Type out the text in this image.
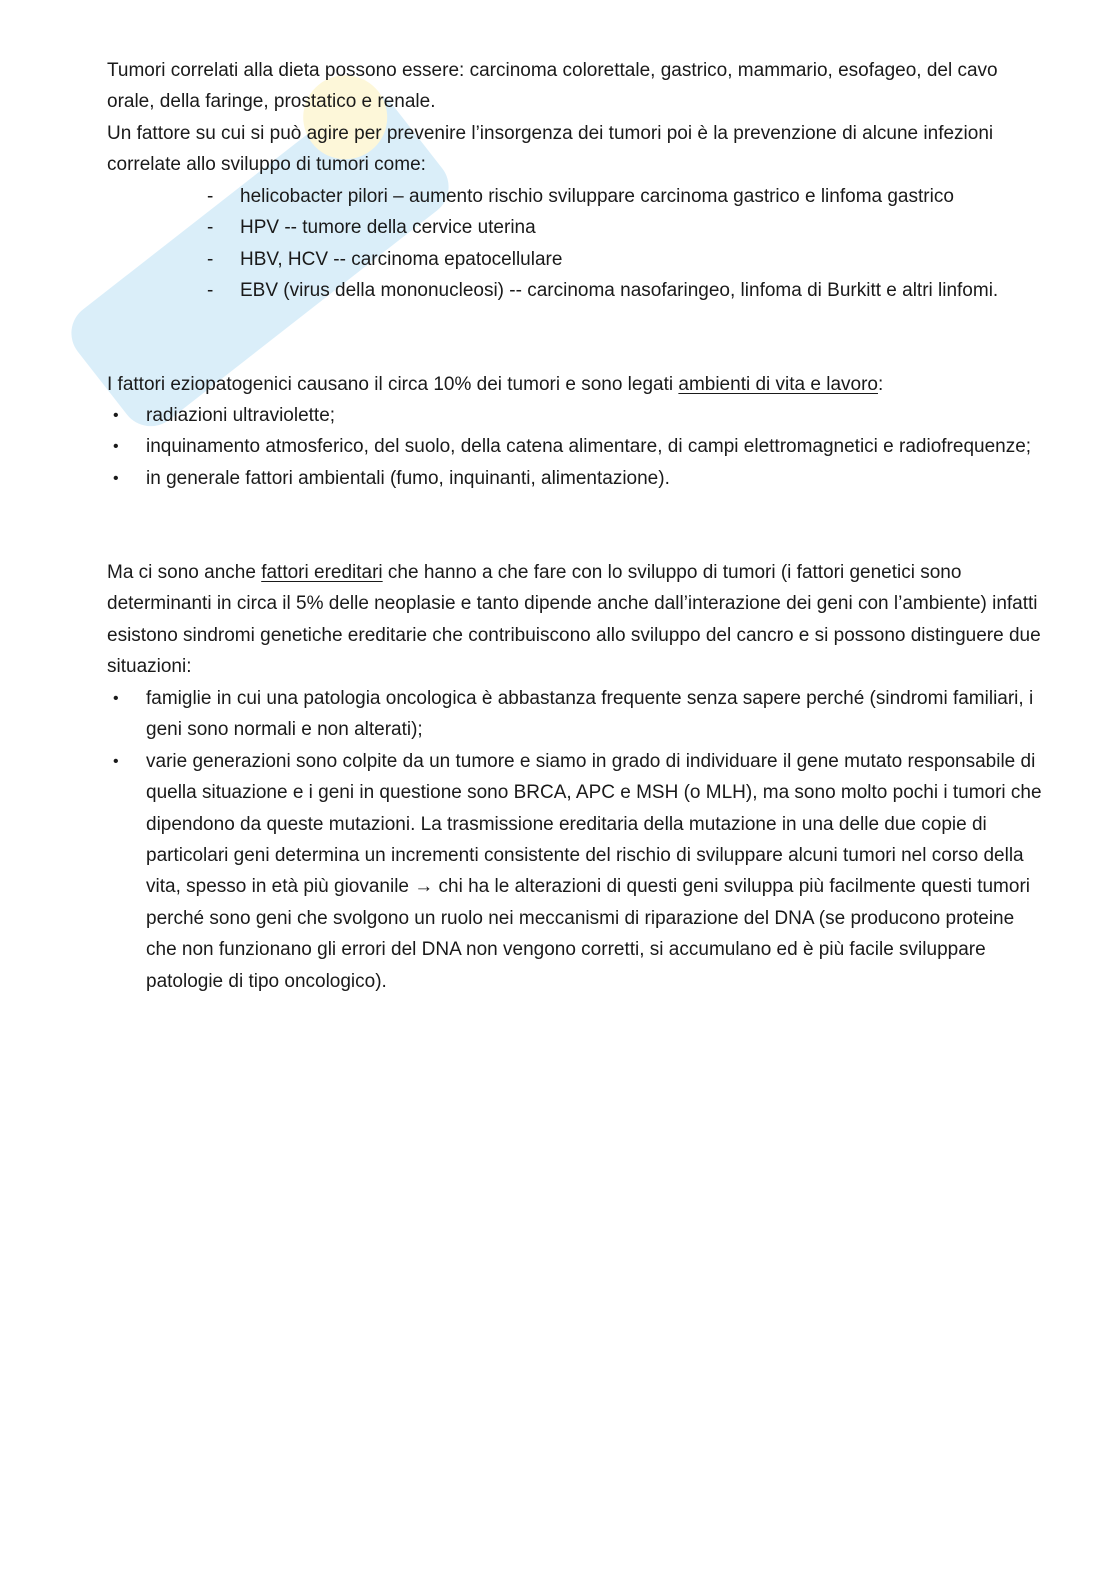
Tumori correlati alla dieta possono essere: carcinoma colorettale, gastrico, mammario, esofageo, del cavo orale, della faringe, prostatico e renale.

Un fattore su cui si può agire per prevenire l’insorgenza dei tumori poi è la prevenzione di alcune infezioni correlate allo sviluppo di tumori come:

- helicobacter pilori – aumento rischio sviluppare carcinoma gastrico e linfoma gastrico
- HPV -- tumore della cervice uterina
- HBV, HCV -- carcinoma epatocellulare
- EBV (virus della mononucleosi) -- carcinoma nasofaringeo, linfoma di Burkitt e altri linfomi.

I fattori eziopatogenici causano il circa 10% dei tumori e sono legati ambienti di vita e lavoro:

• radiazioni ultraviolette;
• inquinamento atmosferico, del suolo, della catena alimentare, di campi elettromagnetici e radiofrequenze;
• in generale fattori ambientali (fumo, inquinanti, alimentazione).

Ma ci sono anche fattori ereditari che hanno a che fare con lo sviluppo di tumori (i fattori genetici sono determinanti in circa il 5% delle neoplasie e tanto dipende anche dall’interazione dei geni con l’ambiente) infatti esistono sindromi genetiche ereditarie che contribuiscono allo sviluppo del cancro e si possono distinguere due situazioni:

• famiglie in cui una patologia oncologica è abbastanza frequente senza sapere perché (sindromi familiari, i geni sono normali e non alterati);
• varie generazioni sono colpite da un tumore e siamo in grado di individuare il gene mutato responsabile di quella situazione e i geni in questione sono BRCA, APC e MSH (o MLH), ma sono molto pochi i tumori che dipendono da queste mutazioni. La trasmissione ereditaria della mutazione in una delle due copie di particolari geni determina un incrementi consistente del rischio di sviluppare alcuni tumori nel corso della vita, spesso in età più giovanile → chi ha le alterazioni di questi geni sviluppa più facilmente questi tumori perché sono geni che svolgono un ruolo nei meccanismi di riparazione del DNA (se producono proteine che non funzionano gli errori del DNA non vengono corretti, si accumulano ed è più facile sviluppare patologie di tipo oncologico).
